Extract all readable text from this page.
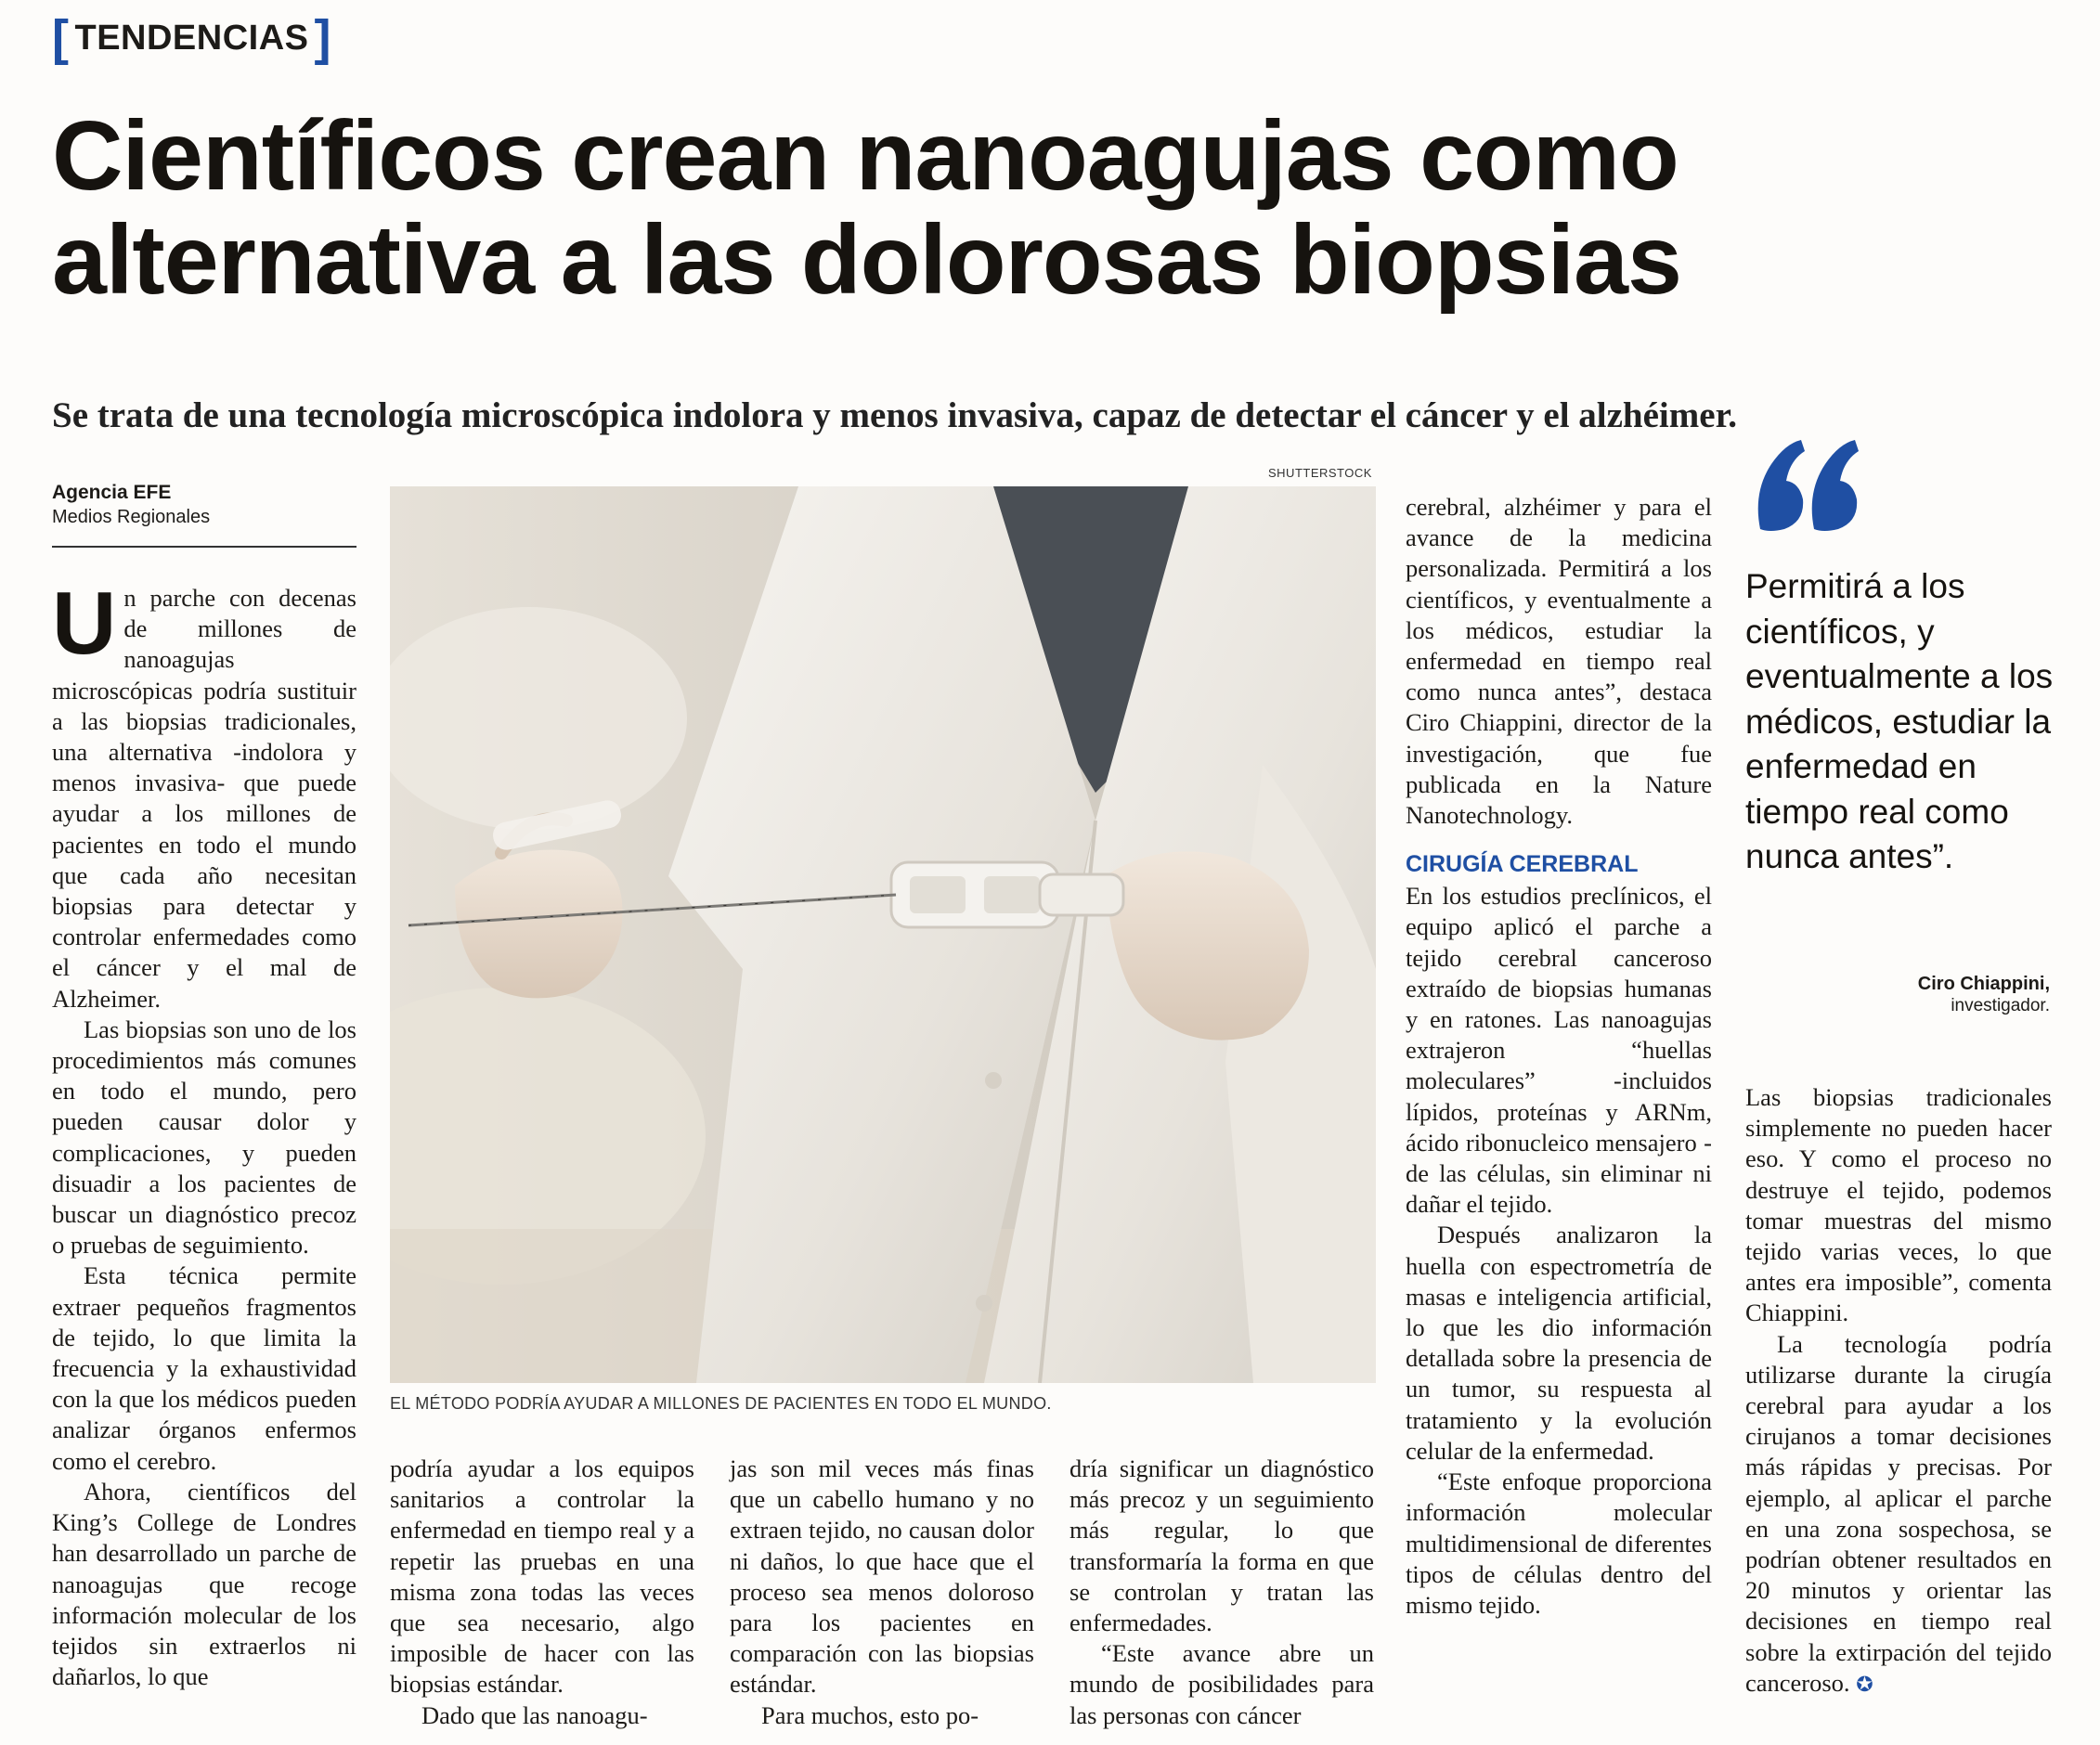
[ TENDENCIAS ]
Científicos crean nanoagujas como
alternativa a las dolorosas biopsias
Se trata de una tecnología microscópica indolora y menos invasiva, capaz de detectar el cáncer y el alzhéimer.
Agencia EFE
Medios Regionales

Un parche con decenas de millones de nanoagujas microscópicas podría sustituir a las biopsias tradicionales, una alternativa -indolora y menos invasiva- que puede ayudar a los millones de pacientes en todo el mundo que cada año necesitan biopsias para detectar y controlar enfermedades como el cáncer y el mal de Alzheimer.

Las biopsias son uno de los procedimientos más comunes en todo el mundo, pero pueden causar dolor y complicaciones, y pueden disuadir a los pacientes de buscar un diagnóstico precoz o pruebas de seguimiento.

Esta técnica permite extraer pequeños fragmentos de tejido, lo que limita la frecuencia y la exhaustividad con la que los médicos pueden analizar órganos enfermos como el cerebro.

Ahora, científicos del King’s College de Londres han desarrollado un parche de nanoagujas que recoge información molecular de los tejidos sin extraerlos ni dañarlos, lo que

SHUTTERSTOCK
EL MÉTODO PODRÍA AYUDAR A MILLONES DE PACIENTES EN TODO EL MUNDO.

podría ayudar a los equipos sanitarios a controlar la enfermedad en tiempo real y a repetir las pruebas en una misma zona todas las veces que sea necesario, algo imposible de hacer con las biopsias estándar.

Dado que las nanoagu-

jas son mil veces más finas que un cabello humano y no extraen tejido, no causan dolor ni daños, lo que hace que el proceso sea menos doloroso para los pacientes en comparación con las biopsias estándar.

Para muchos, esto po-

dría significar un diagnóstico más precoz y un seguimiento más regular, lo que transformaría la forma en que se controlan y tratan las enfermedades.

“Este avance abre un mundo de posibilidades para las personas con cáncer

cerebral, alzhéimer y para el avance de la medicina personalizada. Permitirá a los científicos, y eventualmente a los médicos, estudiar la enfermedad en tiempo real como nunca antes”, destaca Ciro Chiappini, director de la investigación, que fue publicada en la Nature Nanotechnology.

CIRUGÍA CEREBRAL

En los estudios preclínicos, el equipo aplicó el parche a tejido cerebral canceroso extraído de biopsias humanas y en ratones. Las nanoagujas extrajeron “huellas moleculares” -incluidos lípidos, proteínas y ARNm, ácido ribonucleico mensajero - de las células, sin eliminar ni dañar el tejido.

Después analizaron la huella con espectrometría de masas e inteligencia artificial, lo que les dio información detallada sobre la presencia de un tumor, su respuesta al tratamiento y la evolución celular de la enfermedad.

“Este enfoque proporciona información molecular multidimensional de diferentes tipos de células dentro del mismo tejido.

Permitirá a los científicos, y eventualmente a los médicos, estudiar la enfermedad en tiempo real como nunca antes”.
Ciro Chiappini,
investigador.

Las biopsias tradicionales simplemente no pueden hacer eso. Y como el proceso no destruye el tejido, podemos tomar muestras del mismo tejido varias veces, lo que antes era imposible”, comenta Chiappini.

La tecnología podría utilizarse durante la cirugía cerebral para ayudar a los cirujanos a tomar decisiones más rápidas y precisas. Por ejemplo, al aplicar el parche en una zona sospechosa, se podrían obtener resultados en 20 minutos y orientar las decisiones en tiempo real sobre la extirpación del tejido canceroso. ✪
